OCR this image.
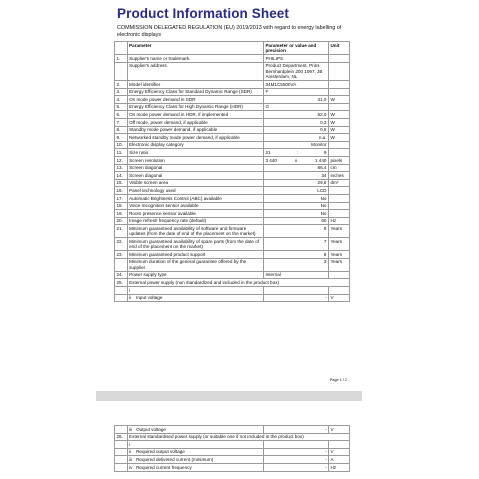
Product Information Sheet
COMMISSION DELEGATED REGULATION (EU) 2019/2013 with regard to energy labelling of electronic displays
	Parameter	Parameter or value and precision	Unit
1.	Supplier's name or trademark.	PHILIPS	
	Supplier's address.	Product Department, Prins Bernhardplein 200 1097, JB Amsterdam, NL	
2.	Model identifier	34M1C5500VA	
3.	Energy Efficiency Class for Standard Dynamic Range (SDR)	F	
4.	On mode power demand in SDR	31,0	W
5.	Energy Efficiency Class for High Dynamic Range (HDR)	G	
6.	On mode power demand in HDR, if implemented	62,0	W
7.	Off mode, power demand, if applicable	0,3	W
8.	Standby mode power demand, if applicable	0,5	W
9.	Networked standby mode power demand, if applicable	n.a.	W
10.	Electronic display category	Monitor	
11.	Size ratio	21 : 9	

12.	Screen resolution	3 440 x 1 440	pixels
13.	Screen diagonal	86,4	cm
14.	Screen diagonal	34	inches
15.	Visible screen area	29,6	dm²
16.	Panel technology used	LCD	
17.	Automatic Brightness Control (ABC) available	No	
18.	Voice recognition sensor available	No	
19.	Room presence sensor available	No	
20.	Image refresh frequency rate (default)	60	Hz
21.	Minimum guaranteed availability of software and firmware updates (from the date of end of the placement on the market)	8	Years
22.	Minimum guaranteed availability of spare parts (from the date of end of the placement on the market)	7	Years
23.	Minimum guaranteed product support	8	Years
	Minimum duration of the general guarantee offered by the supplier	3	Years
24.	Power supply type	Internal	
25.	External power supply (non standardized and included in the product box)		
	i		
	ii Input voltage	-	V
Page 1 / 2
	iii Output voltage	-	V
26.	External standardised power supply (or suitable one if not included in the product box)		
	i		
	ii Required output voltage	-	V
	iii Required delivered current (minimum)	-	A
	iv Required current frequency	-	Hz
